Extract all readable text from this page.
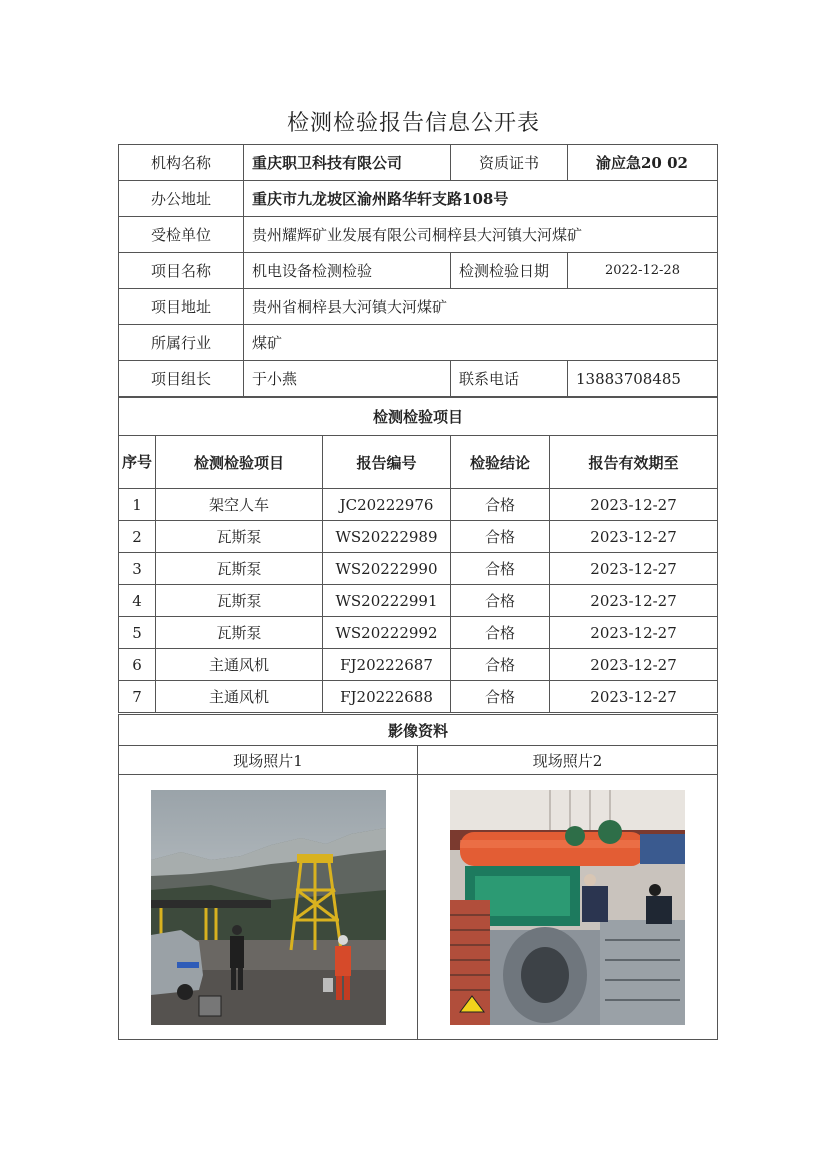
检测检验报告信息公开表
机构名称	重庆职卫科技有限公司	资质证书	渝应急20 02
办公地址	重庆市九龙坡区渝州路华轩支路108号		
受检单位	贵州耀辉矿业发展有限公司桐梓县大河镇大河煤矿		
项目名称	机电设备检测检验	检测检验日期	2022-12-28
项目地址	贵州省桐梓县大河镇大河煤矿		
所属行业	煤矿		
项目组长	于小燕	联系电话	13883708485
检测检验项目				
序号	检测检验项目	报告编号	检验结论	报告有效期至
1	架空人车	JC20222976	合格	2023-12-27
2	瓦斯泵	WS20222989	合格	2023-12-27
3	瓦斯泵	WS20222990	合格	2023-12-27
4	瓦斯泵	WS20222991	合格	2023-12-27
5	瓦斯泵	WS20222992	合格	2023-12-27
6	主通风机	FJ20222687	合格	2023-12-27
7	主通风机	FJ20222688	合格	2023-12-27
影像资料	
现场照片1	现场照片2
